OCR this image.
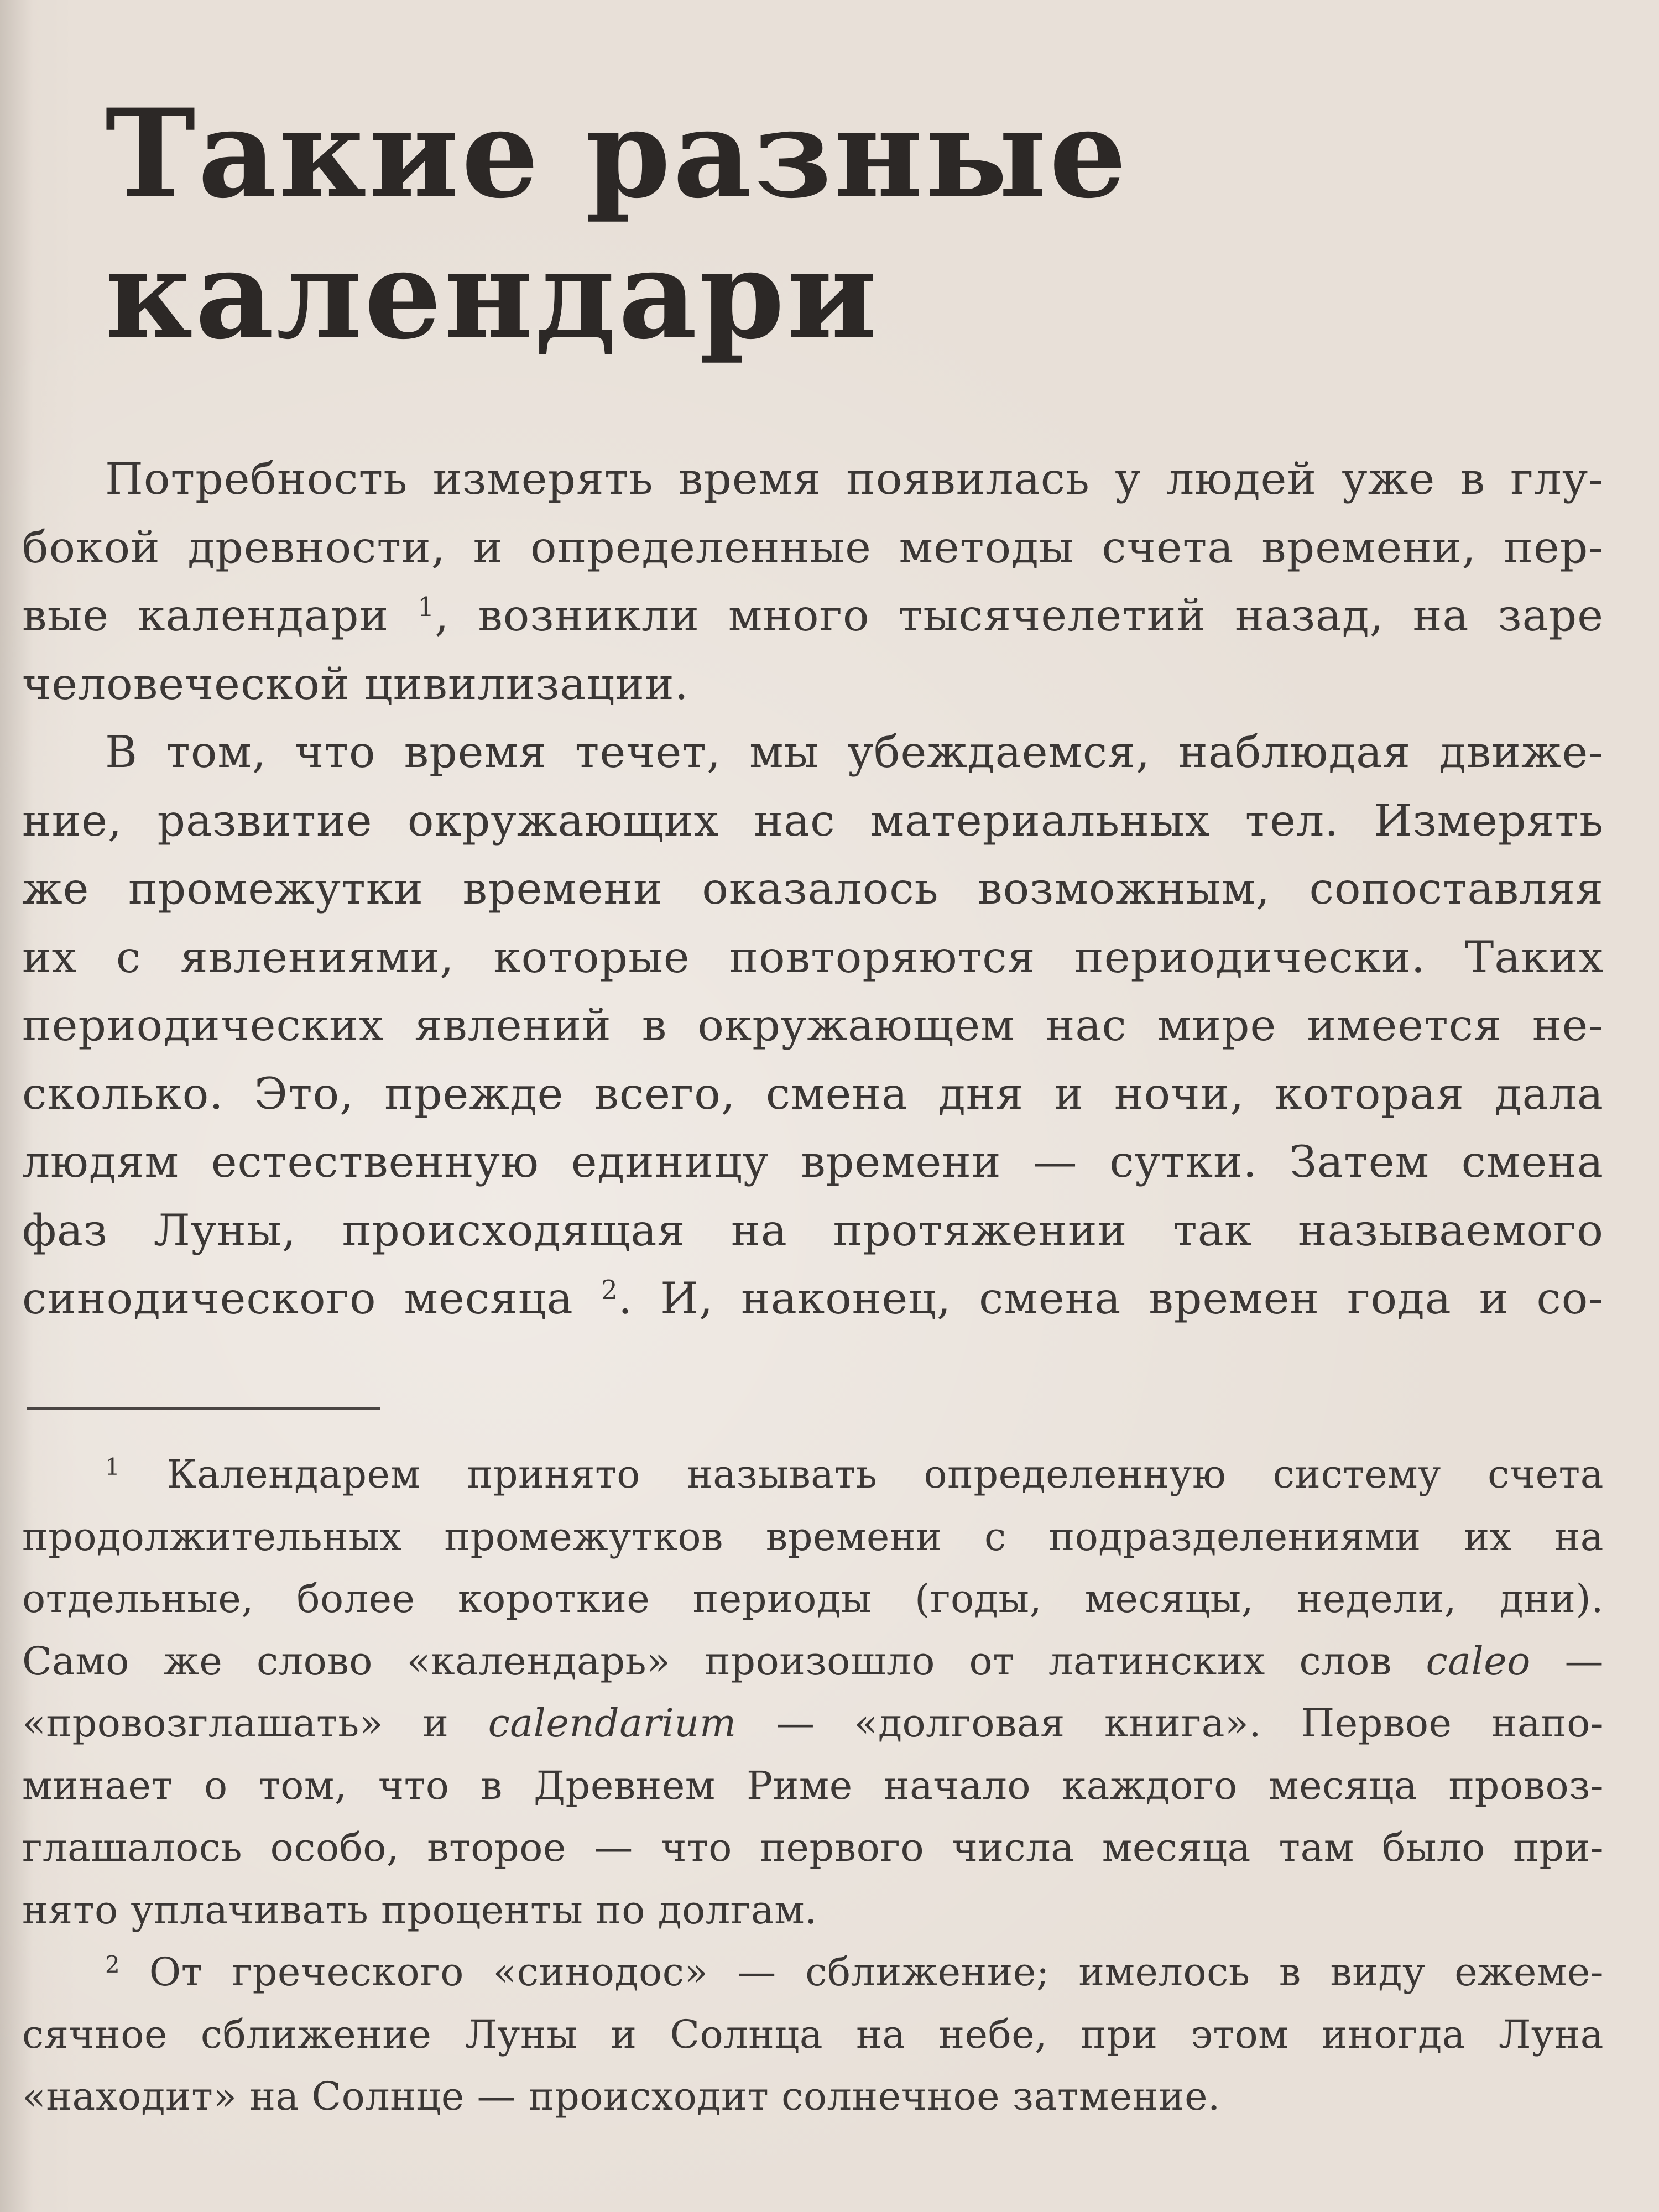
Такие разные
календари
Потребность измерять время появилась у людей уже в глу-
бокой древности, и определенные методы счета времени, пер-
вые календари $^1$, возникли много тысячелетий назад, на заре
человеческой цивилизации.
В том, что время течет, мы убеждаемся, наблюдая движе-
ние, развитие окружающих нас материальных тел. Измерять
же промежутки времени оказалось возможным, сопоставляя
их с явлениями, которые повторяются периодически. Таких
периодических явлений в окружающем нас мире имеется не-
сколько. Это, прежде всего, смена дня и ночи, которая дала
людям естественную единицу времени — сутки. Затем смена
фаз Луны, происходящая на протяжении так называемого
синодического месяца $^2$. И, наконец, смена времен года и со-
$^1$ Календарем принято называть определенную систему счета
продолжительных промежутков времени с подразделениями их на
отдельные, более короткие периоды (годы, месяцы, недели, дни).
Само же слово «календарь» произошло от латинских слов caleo —
«провозглашать» и calendarium — «долговая книга». Первое напо-
минает о том, что в Древнем Риме начало каждого месяца провоз-
глашалось особо, второе — что первого числа месяца там было при-
нято уплачивать проценты по долгам.
$^2$ От греческого «синодос» — сближение; имелось в виду ежеме-
сячное сближение Луны и Солнца на небе, при этом иногда Луна
«находит» на Солнце — происходит солнечное затмение.
